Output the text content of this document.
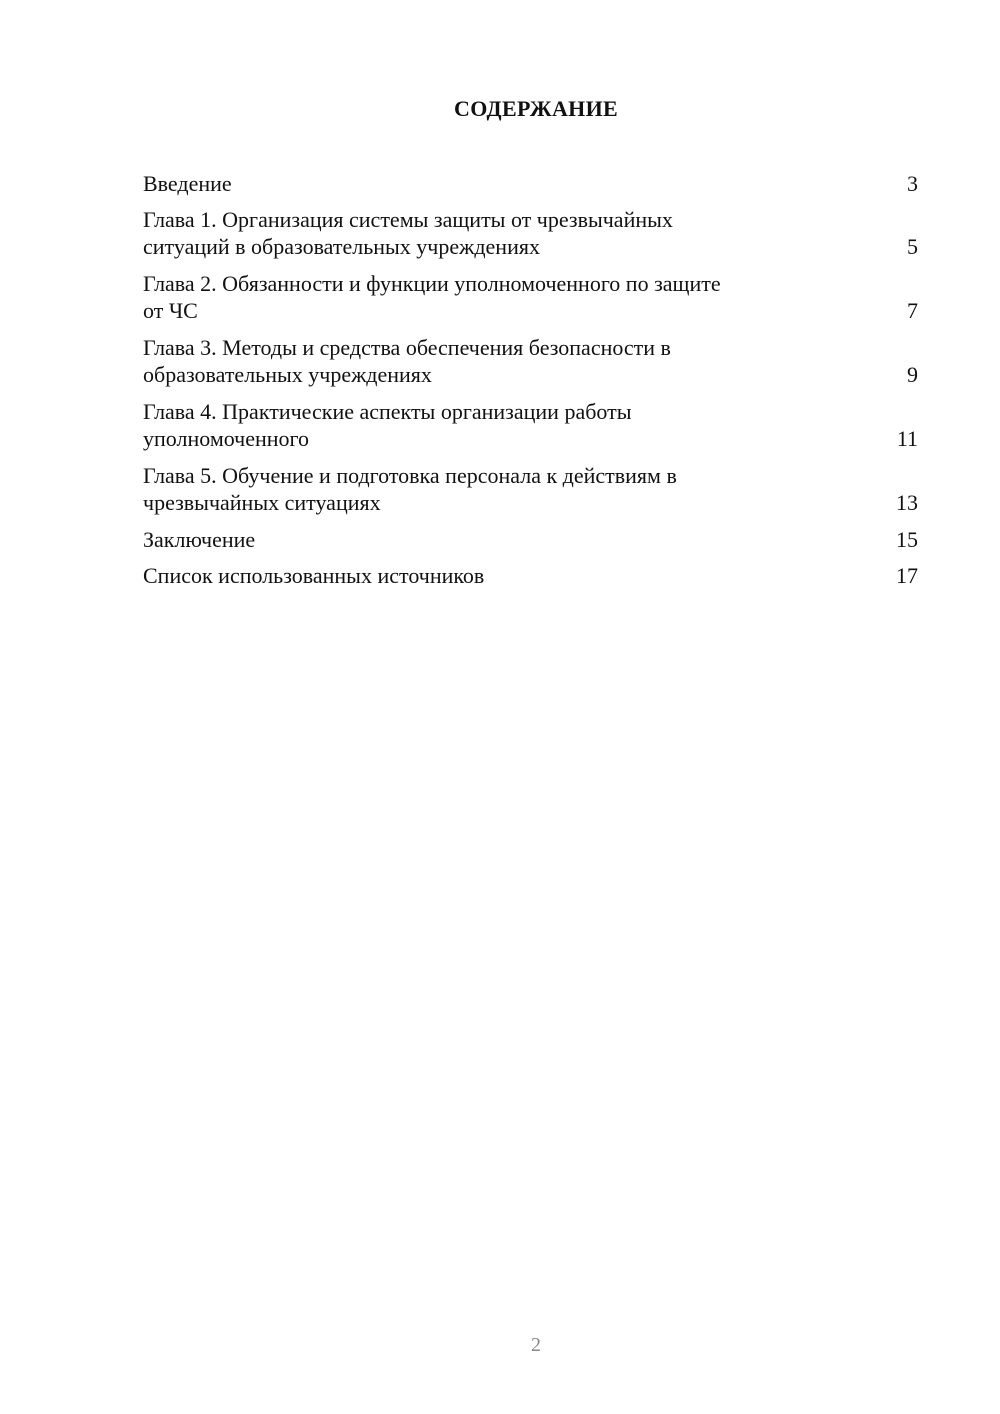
СОДЕРЖАНИЕ
Введение	3
Глава 1. Организация системы защиты от чрезвычайных
ситуаций в образовательных учреждениях	5
Глава 2. Обязанности и функции уполномоченного по защите
от ЧС	7
Глава 3. Методы и средства обеспечения безопасности в
образовательных учреждениях	9
Глава 4. Практические аспекты организации работы
уполномоченного	11
Глава 5. Обучение и подготовка персонала к действиям в
чрезвычайных ситуациях	13
Заключение	15
Список использованных источников	17
2
